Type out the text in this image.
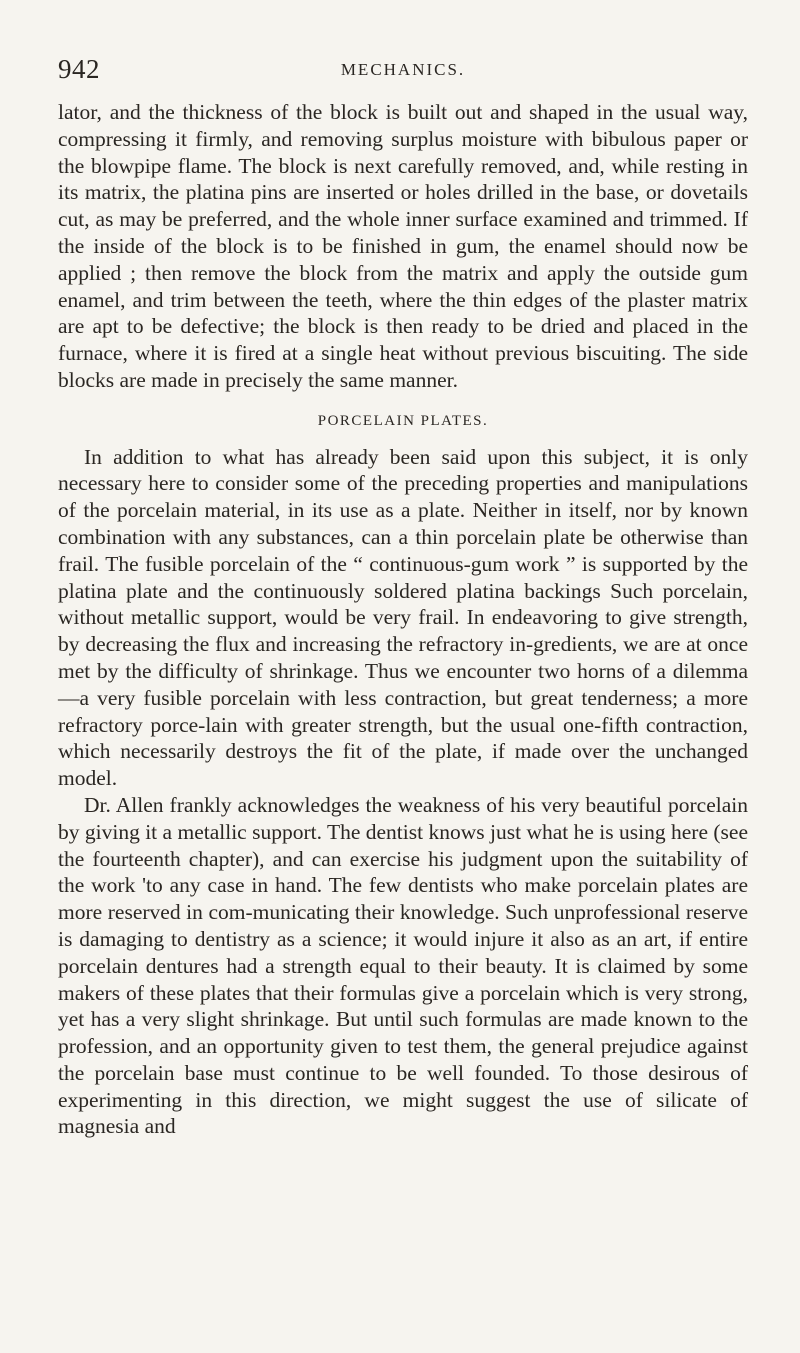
942	MECHANICS.

lator, and the thickness of the block is built out and shaped in the usual way, compressing it firmly, and removing surplus moisture with bibulous paper or the blowpipe flame. The block is next carefully removed, and, while resting in its matrix, the platina pins are inserted or holes drilled in the base, or dovetails cut, as may be preferred, and the whole inner surface examined and trimmed. If the inside of the block is to be finished in gum, the enamel should now be applied ; then remove the block from the matrix and apply the outside gum enamel, and trim between the teeth, where the thin edges of the plaster matrix are apt to be defective; the block is then ready to be dried and placed in the furnace, where it is fired at a single heat without previous biscuiting. The side blocks are made in precisely the same manner.

PORCELAIN PLATES.

In addition to what has already been said upon this subject, it is only necessary here to consider some of the preceding properties and manipulations of the porcelain material, in its use as a plate. Neither in itself, nor by known combination with any substances, can a thin porcelain plate be otherwise than frail. The fusible porcelain of the “ continuous-gum work ” is supported by the platina plate and the continuously soldered platina backings Such porcelain, without metallic support, would be very frail. In endeavoring to give strength, by decreasing the flux and increasing the refractory in-gredients, we are at once met by the difficulty of shrinkage. Thus we encounter two horns of a dilemma—a very fusible porcelain with less contraction, but great tenderness; a more refractory porce-lain with greater strength, but the usual one-fifth contraction, which necessarily destroys the fit of the plate, if made over the unchanged model.

Dr. Allen frankly acknowledges the weakness of his very beautiful porcelain by giving it a metallic support. The dentist knows just what he is using here (see the fourteenth chapter), and can exercise his judgment upon the suitability of the work 'to any case in hand. The few dentists who make porcelain plates are more reserved in com-municating their knowledge. Such unprofessional reserve is damaging to dentistry as a science; it would injure it also as an art, if entire porcelain dentures had a strength equal to their beauty. It is claimed by some makers of these plates that their formulas give a porcelain which is very strong, yet has a very slight shrinkage. But until such formulas are made known to the profession, and an opportunity given to test them, the general prejudice against the porcelain base must continue to be well founded. To those desirous of experimenting in this direction, we might suggest the use of silicate of magnesia and
